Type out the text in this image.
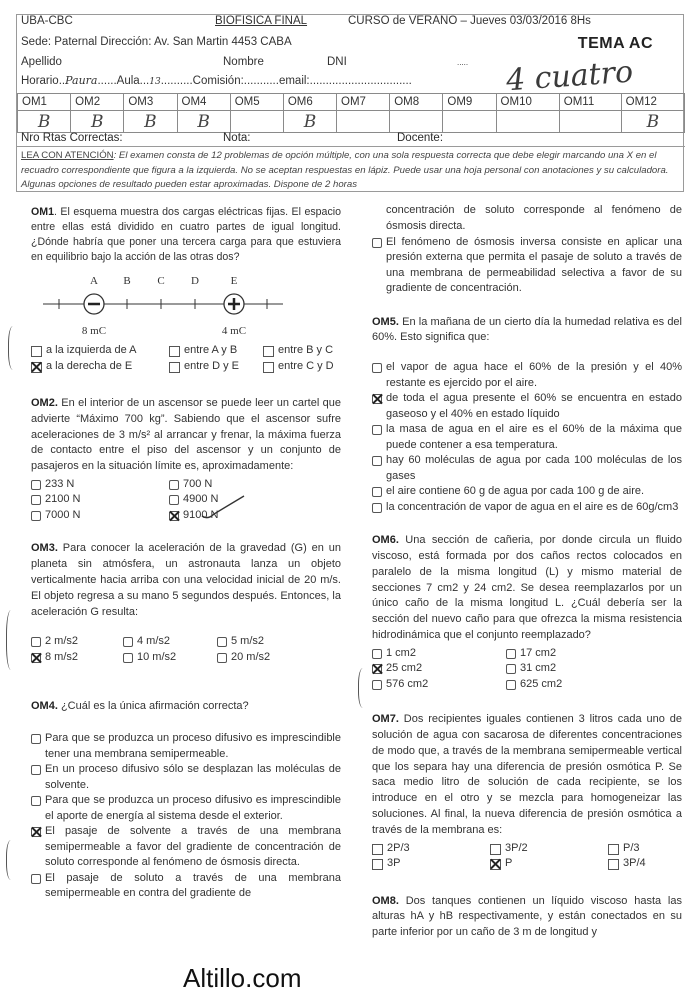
UBA-CBC	BIOFISICA FINAL	CURSO de VERANO – Jueves 03/03/2016 8Hs
Sede: Paternal Dirección: Av. San Martin 4453 CABA	TEMA AC
Apellido	Nombre	DNI	.....
Horario..Paura......Aula...13..........Comisión:...........email:................................	4 cuatro
OM1	OM2	OM3	OM4	OM5	OM6	OM7	OM8	OM9	OM10	OM11	OM12
B	B	B	B		B						B
Nro Rtas Correctas:	Nota:	Docente:
LEA CON ATENCIÓN: El examen consta de 12 problemas de opción múltiple, con una sola respuesta correcta que debe elegir marcando una X en el recuadro correspondiente que figura a la izquierda. No se aceptan respuestas en lápiz. Puede usar una hoja personal con anotaciones y su calculadora. Algunas opciones de resultado pueden estar aproximadas. Dispone de 2 horas
OM1. El esquema muestra dos cargas eléctricas fijas. El espacio entre ellas está dividido en cuatro partes de igual longitud. ¿Dónde habría que poner una tercera carga para que estuviera en equilibrio bajo la acción de las otras dos?
A B C D	E
8 mC	4 mC
a la izquierda de A	entre A y B	entre B y C
a la derecha de E	entre D y E	entre C y D
OM2. En el interior de un ascensor se puede leer un cartel que advierte “Máximo 700 kg”. Sabiendo que el ascensor sufre aceleraciones de 3 m/s² al arrancar y frenar, la máxima fuerza de contacto entre el piso del ascensor y un conjunto de pasajeros en la situación límite es, aproximadamente:
233 N	700 N
2100 N	4900 N
7000 N	9100 N
OM3. Para conocer la aceleración de la gravedad (G) en un planeta sin atmósfera, un astronauta lanza un objeto verticalmente hacia arriba con una velocidad inicial de 20 m/s. El objeto regresa a su mano 5 segundos después. Entonces, la aceleración G resulta:
2 m/s2	4 m/s2	5 m/s2
8 m/s2	10 m/s2	20 m/s2
OM4. ¿Cuál es la única afirmación correcta?
Para que se produzca un proceso difusivo es imprescindible tener una membrana semipermeable.
En un proceso difusivo sólo se desplazan las moléculas de solvente.
Para que se produzca un proceso difusivo es imprescindible el aporte de energía al sistema desde el exterior.
El pasaje de solvente a través de una membrana semipermeable a favor del gradiente de concentración de soluto corresponde al fenómeno de ósmosis directa.
El pasaje de soluto a través de una membrana semipermeable en contra del gradiente de
concentración de soluto corresponde al fenómeno de ósmosis directa.
El fenómeno de ósmosis inversa consiste en aplicar una presión externa que permita el pasaje de soluto a través de una membrana de permeabilidad selectiva a favor de su gradiente de concentración.
OM5. En la mañana de un cierto día la humedad relativa es del 60%. Esto significa que:
el vapor de agua hace el 60% de la presión y el 40% restante es ejercido por el aire.
de toda el agua presente el 60% se encuentra en estado gaseoso y el 40% en estado líquido
la masa de agua en el aire es el 60% de la máxima que puede contener a esa temperatura.
hay 60 moléculas de agua por cada 100 moléculas de los gases
el aire contiene 60 g de agua por cada 100 g de aire.
la concentración de vapor de agua en el aire es de 60g/cm3
OM6. Una sección de cañeria, por donde circula un fluido viscoso, está formada por dos caños rectos colocados en paralelo de la misma longitud (L) y mismo material de secciones 7 cm2 y 24 cm2. Se desea reemplazarlos por un único caño de la misma longitud L. ¿Cuál debería ser la sección del nuevo caño para que ofrezca la misma resistencia hidrodinámica que el conjunto reemplazado?
1 cm2	17 cm2
25 cm2	31 cm2
576 cm2	625 cm2
OM7. Dos recipientes iguales contienen 3 litros cada uno de solución de agua con sacarosa de diferentes concentraciones de modo que, a través de la membrana semipermeable vertical que los separa hay una diferencia de presión osmótica P. Se saca medio litro de solución de cada recipiente, se los introduce en el otro y se mezcla para homogeneizar las soluciones. Al final, la nueva diferencia de presión osmótica a través de la membrana es:
2P/3	3P/2	P/3
3P	P	3P/4
OM8. Dos tanques contienen un líquido viscoso hasta las alturas hA y hB respectivamente, y están conectados en su parte inferior por un caño de 3 m de longitud y
Altillo.com
